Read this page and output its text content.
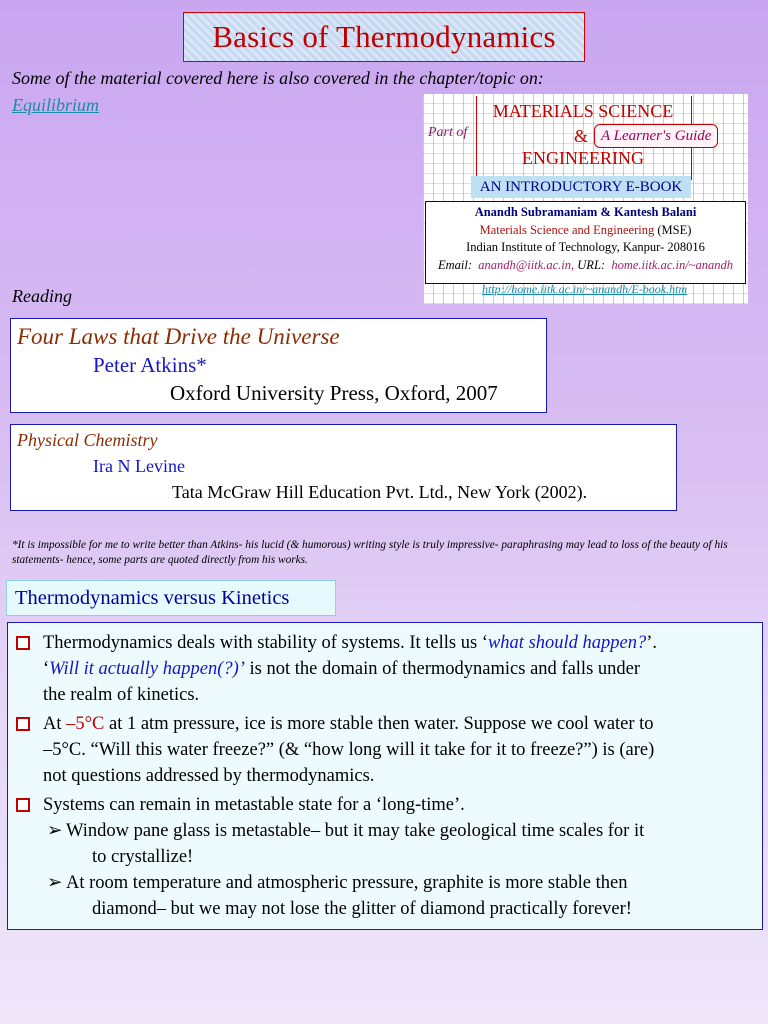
Basics of Thermodynamics
Some of the material covered here is also covered in the chapter/topic on:
Equilibrium
Part of
MATERIALS SCIENCE
& A Learner's Guide
ENGINEERING
AN INTRODUCTORY E-BOOK
Anandh Subramaniam & Kantesh Balani
Materials Science and Engineering (MSE)
Indian Institute of Technology, Kanpur- 208016
Email: anandh@iitk.ac.in, URL: home.iitk.ac.in/~anandh
http://home.iitk.ac.in/~anandh/E-book.htm
Reading
Four Laws that Drive the Universe
Peter Atkins*
Oxford University Press, Oxford, 2007
Physical Chemistry
Ira N Levine
Tata McGraw Hill Education Pvt. Ltd., New York (2002).
*It is impossible for me to write better than Atkins- his lucid (& humorous) writing style is truly impressive- paraphrasing may lead to loss of the beauty of his statements- hence, some parts are quoted directly from his works.
Thermodynamics versus Kinetics
Thermodynamics deals with stability of systems. It tells us ‘what should happen?’.
‘Will it actually happen(?)’ is not the domain of thermodynamics and falls under
the realm of kinetics.
At –5°C at 1 atm pressure, ice is more stable then water. Suppose we cool water to
–5°C. “Will this water freeze?” (& “how long will it take for it to freeze?”) is (are)
not questions addressed by thermodynamics.
Systems can remain in metastable state for a ‘long-time’.
➢ Window pane glass is metastable– but it may take geological time scales for it
to crystallize!
➢ At room temperature and atmospheric pressure, graphite is more stable then
diamond– but we may not lose the glitter of diamond practically forever!
